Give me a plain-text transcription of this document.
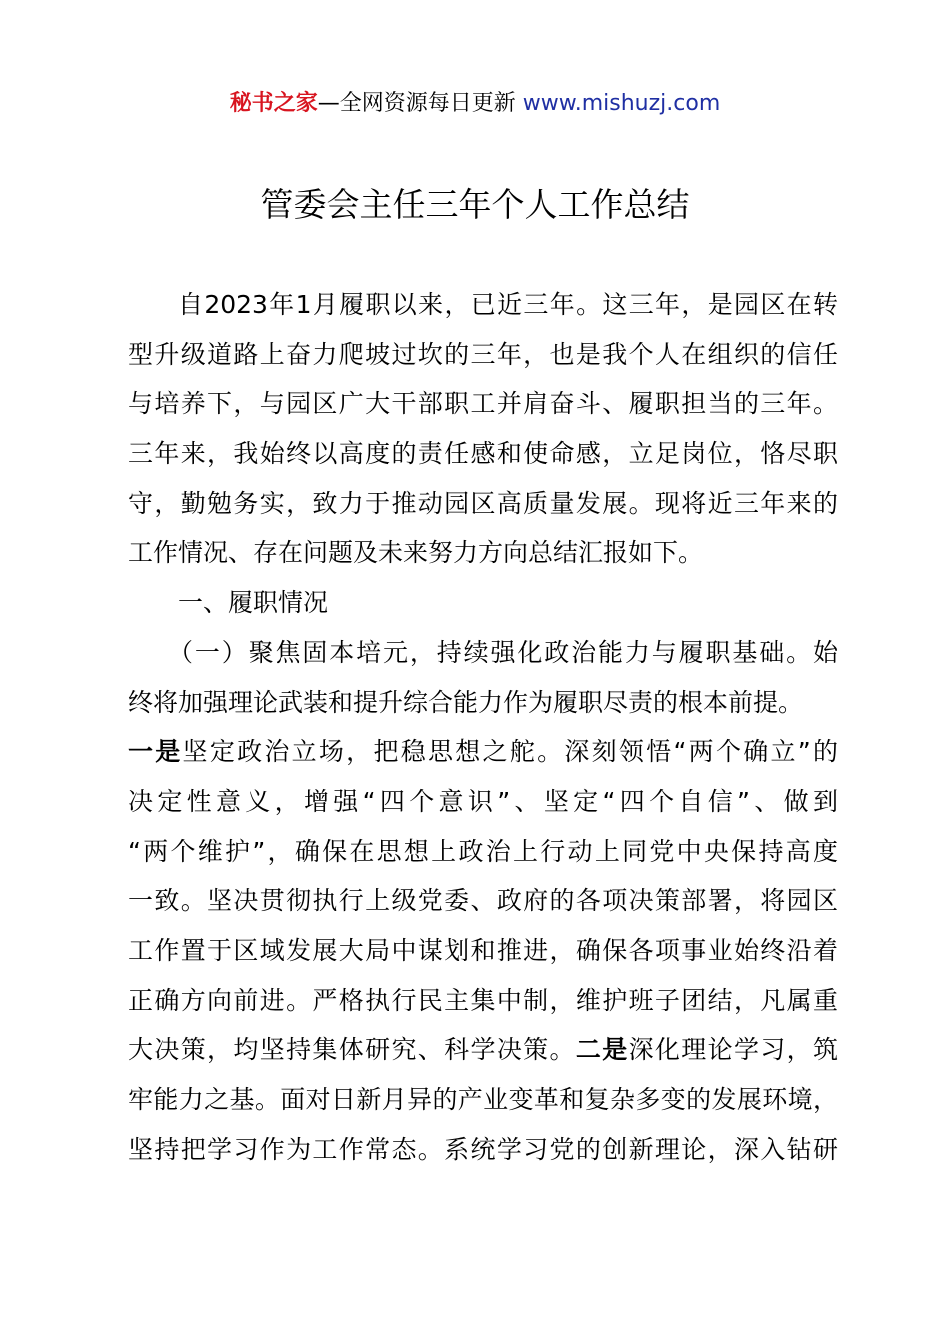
秘书之家—全网资源每日更新 www.mishuzj.com
管委会主任三年个人工作总结
自2023年1月履职以来，已近三年。这三年，是园区在转
型升级道路上奋力爬坡过坎的三年，也是我个人在组织的信任
与培养下，与园区广大干部职工并肩奋斗、履职担当的三年。
三年来，我始终以高度的责任感和使命感，立足岗位，恪尽职
守，勤勉务实，致力于推动园区高质量发展。现将近三年来的
工作情况、存在问题及未来努力方向总结汇报如下。
一、履职情况
（一）聚焦固本培元，持续强化政治能力与履职基础。始
终将加强理论武装和提升综合能力作为履职尽责的根本前提。
一是坚定政治立场，把稳思想之舵。深刻领悟“两个确立”的
决定性意义，增强“四个意识”、坚定“四个自信”、做到
“两个维护”，确保在思想上政治上行动上同党中央保持高度
一致。坚决贯彻执行上级党委、政府的各项决策部署，将园区
工作置于区域发展大局中谋划和推进，确保各项事业始终沿着
正确方向前进。严格执行民主集中制，维护班子团结，凡属重
大决策，均坚持集体研究、科学决策。二是深化理论学习，筑
牢能力之基。面对日新月异的产业变革和复杂多变的发展环境，
坚持把学习作为工作常态。系统学习党的创新理论，深入钻研
